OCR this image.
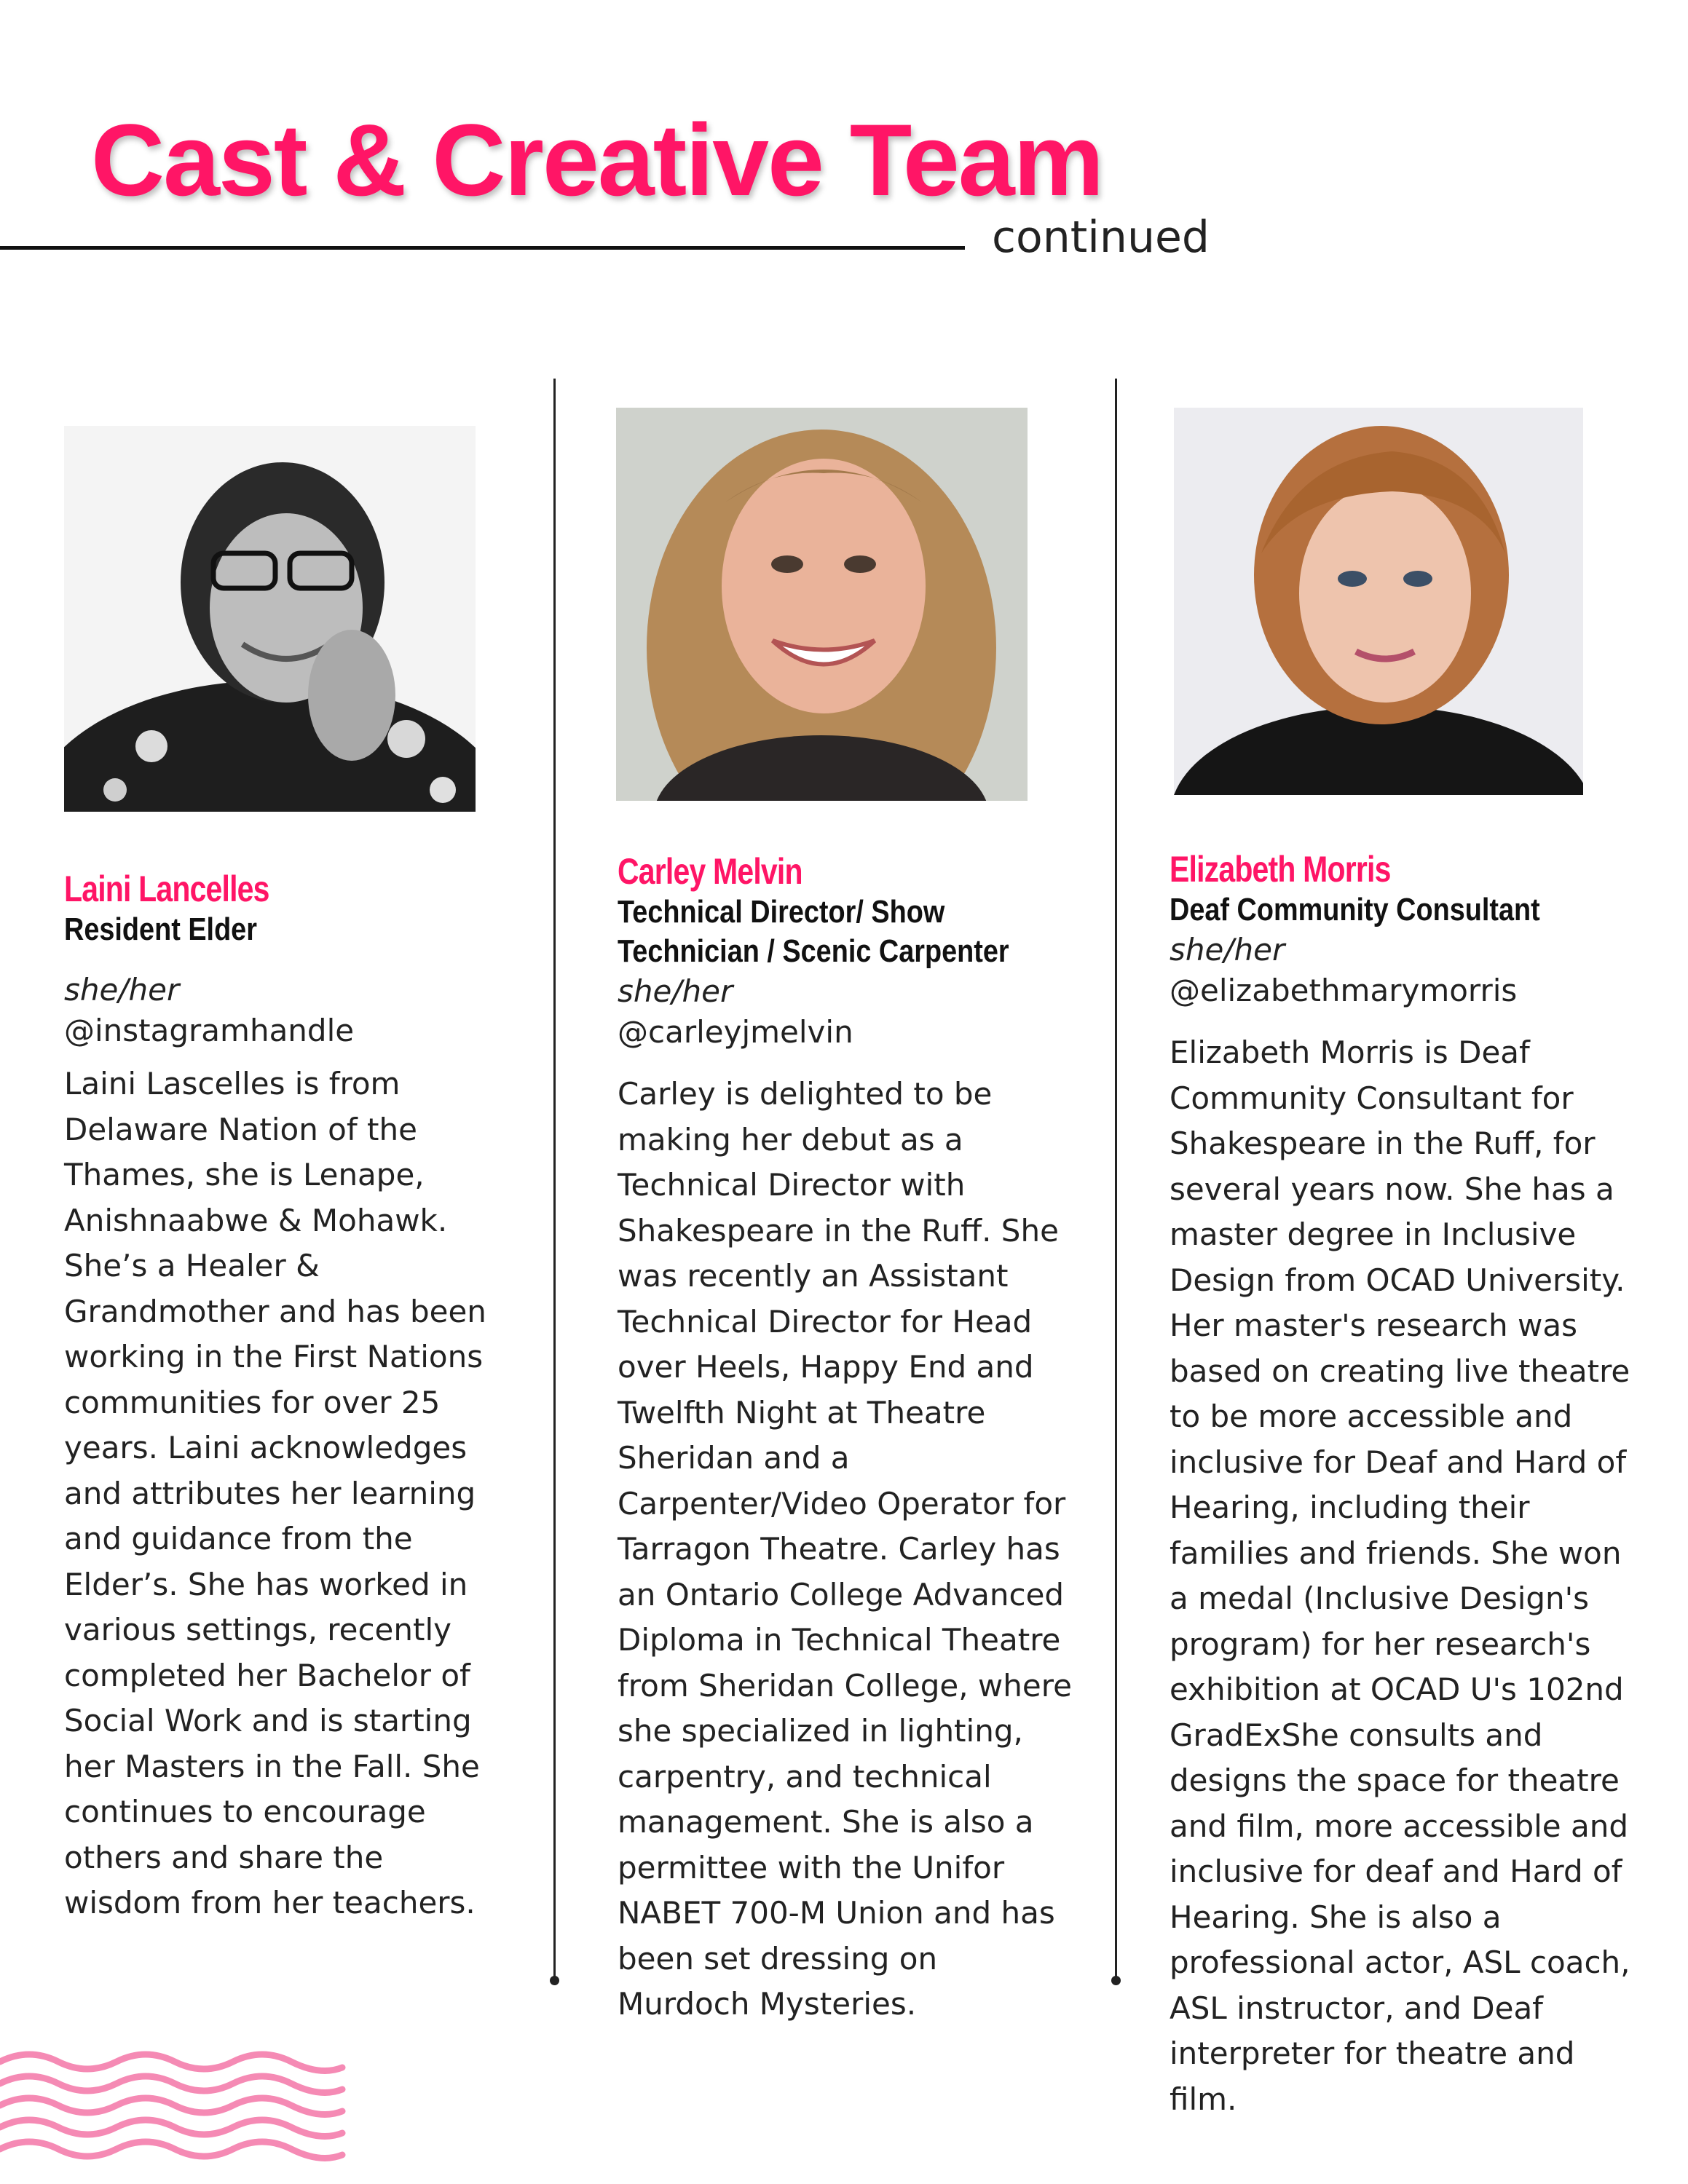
Cast & Creative Team
continued
Laini Lancelles
Resident Elder
she/her
@instagramhandle
Laini Lascelles is from
Delaware Nation of the
Thames, she is Lenape,
Anishnaabwe & Mohawk.
She’s a Healer &
Grandmother and has been
working in the First Nations
communities for over 25
years. Laini acknowledges
and attributes her learning
and guidance from the
Elder’s. She has worked in
various settings, recently
completed her Bachelor of
Social Work and is starting
her Masters in the Fall. She
continues to encourage
others and share the
wisdom from her teachers.
Carley Melvin
Technical Director/ Show
Technician / Scenic Carpenter
she/her
@carleyjmelvin
Carley is delighted to be
making her debut as a
Technical Director with
Shakespeare in the Ruff. She
was recently an Assistant
Technical Director for Head
over Heels, Happy End and
Twelfth Night at Theatre
Sheridan and a
Carpenter/Video Operator for
Tarragon Theatre. Carley has
an Ontario College Advanced
Diploma in Technical Theatre
from Sheridan College, where
she specialized in lighting,
carpentry, and technical
management. She is also a
permittee with the Unifor
NABET 700-M Union and has
been set dressing on
Murdoch Mysteries.
Elizabeth Morris
Deaf Community Consultant
she/her
@elizabethmarymorris
Elizabeth Morris is Deaf
Community Consultant for
Shakespeare in the Ruff, for
several years now. She has a
master degree in Inclusive
Design from OCAD University.
Her master's research was
based on creating live theatre
to be more accessible and
inclusive for Deaf and Hard of
Hearing, including their
families and friends. She won
a medal (Inclusive Design's
program) for her research's
exhibition at OCAD U's 102nd
GradExShe consults and
designs the space for theatre
and film, more accessible and
inclusive for deaf and Hard of
Hearing. She is also a
professional actor, ASL coach,
ASL instructor, and Deaf
interpreter for theatre and
film.
